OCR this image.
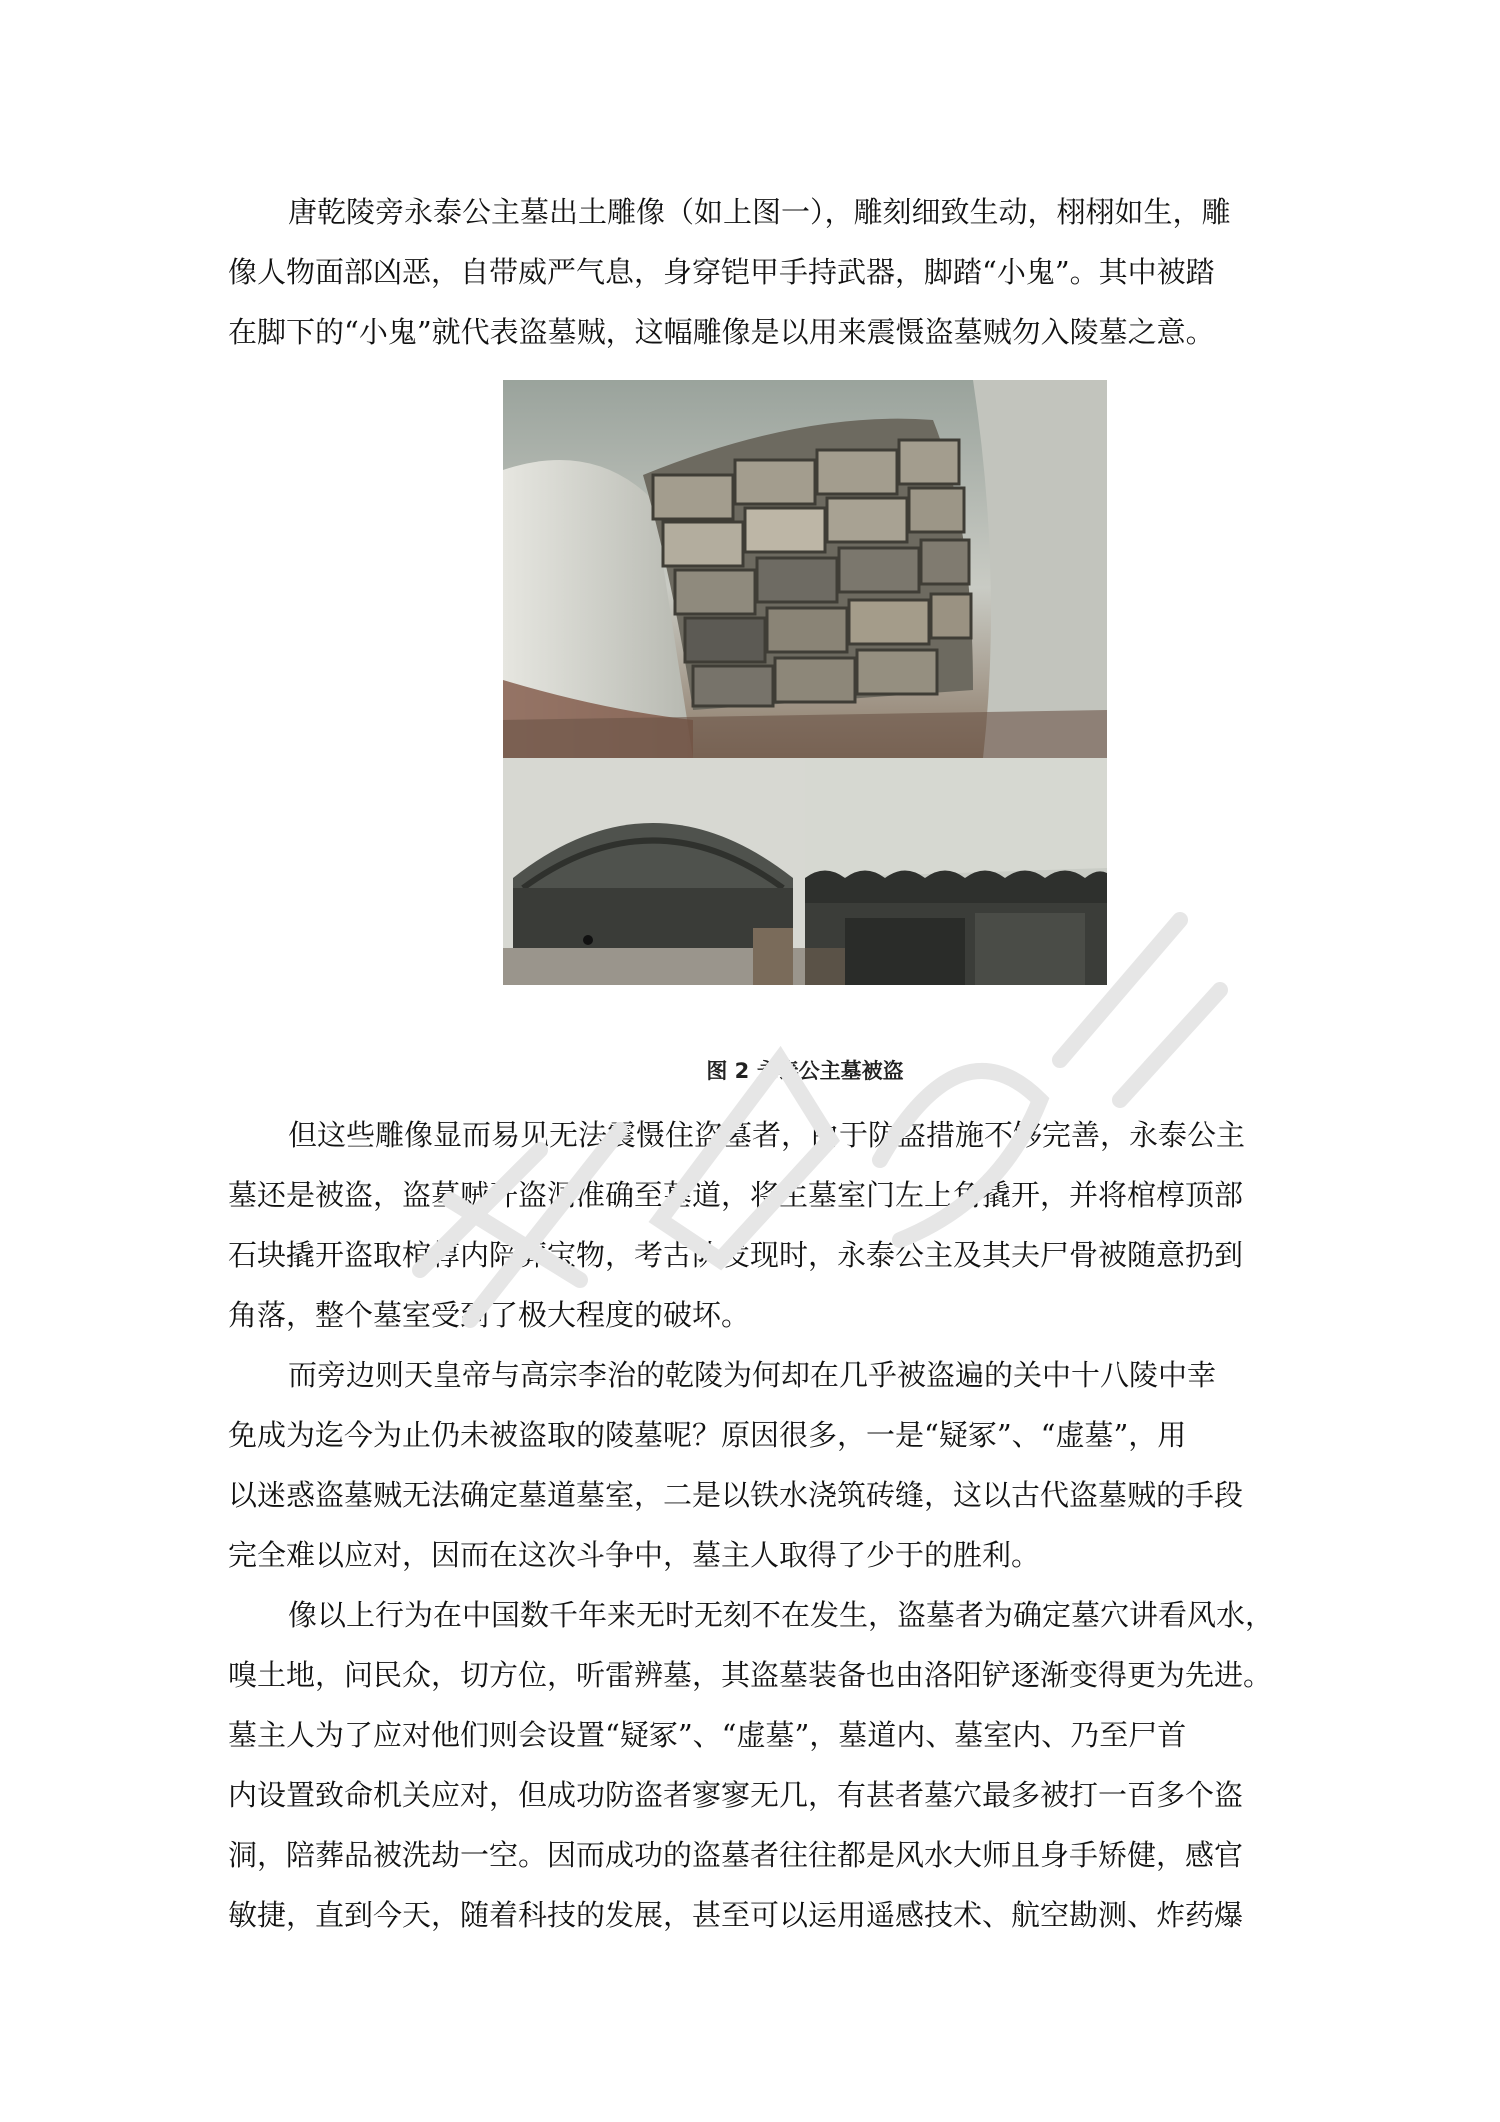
唐乾陵旁永泰公主墓出土雕像（如上图一），雕刻细致生动，栩栩如生，雕
像人物面部凶恶，自带威严气息，身穿铠甲手持武器，脚踏“小鬼”。其中被踏
在脚下的“小鬼”就代表盗墓贼，这幅雕像是以用来震慑盗墓贼勿入陵墓之意。

图 2 永泰公主墓被盗

但这些雕像显而易见无法震慑住盗墓者，由于防盗措施不够完善，永泰公主
墓还是被盗，盗墓贼开盗洞准确至墓道，将主墓室门左上角撬开，并将棺椁顶部
石块撬开盗取棺椁内陪葬宝物，考古队发现时，永泰公主及其夫尸骨被随意扔到
角落，整个墓室受到了极大程度的破坏。

而旁边则天皇帝与高宗李治的乾陵为何却在几乎被盗遍的关中十八陵中幸
免成为迄今为止仍未被盗取的陵墓呢？原因很多，一是“疑冢”、“虚墓”，用
以迷惑盗墓贼无法确定墓道墓室，二是以铁水浇筑砖缝，这以古代盗墓贼的手段
完全难以应对，因而在这次斗争中，墓主人取得了少于的胜利。

像以上行为在中国数千年来无时无刻不在发生，盗墓者为确定墓穴讲看风水，
嗅土地，问民众，切方位，听雷辨墓，其盗墓装备也由洛阳铲逐渐变得更为先进。
墓主人为了应对他们则会设置“疑冢”、“虚墓”，墓道内、墓室内、乃至尸首
内设置致命机关应对，但成功防盗者寥寥无几，有甚者墓穴最多被打一百多个盗
洞，陪葬品被洗劫一空。因而成功的盗墓者往往都是风水大师且身手矫健，感官
敏捷，直到今天，随着科技的发展，甚至可以运用遥感技术、航空勘测、炸药爆
